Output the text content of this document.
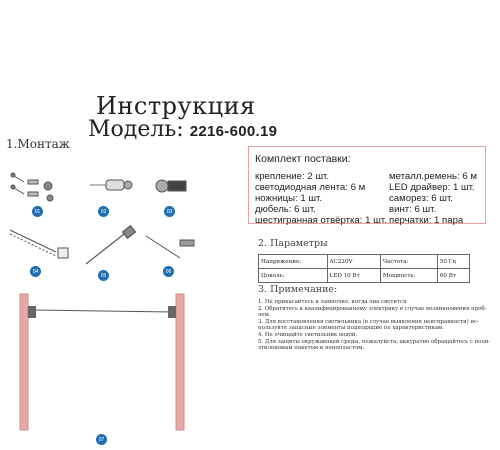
Инструкция
Модель: 2216-600.19
1.Монтаж
01	02	03
04
05
06
07
Комплект поставки:
крепление: 2 шт.
светодиодная лента: 6 м
ножницы: 1 шт.
дюбель: 6 шт.
шестигранная отвёртка: 1 шт.
металл.ремень: 6 м
LED драйвер: 1 шт.
саморез: 6 шт.
винт: 6 шт.
перчатки: 1 пара
2. Параметры
Напряжение:	AC220V	Частота:	50 Гц
Цоколь:	LED 10 Вт	Мощность:	60 Вт
3. Примечание:
1. Не прикасайтесь к лампочке, когда она светится
2. Обратитесь к квалифицированному электрику в случае возникновения проб-
лем.
3. Для восстановления светильника (в случае выявления неисправности) ис-
пользуйте запасные элементы подходящие по характеристикам.
4. Не очищайте светильник водой.
5. Для защиты окружающей среды, пожалуйста, аккуратно обращайтесь с поли-
этиленовым пакетом и пенопластом.
